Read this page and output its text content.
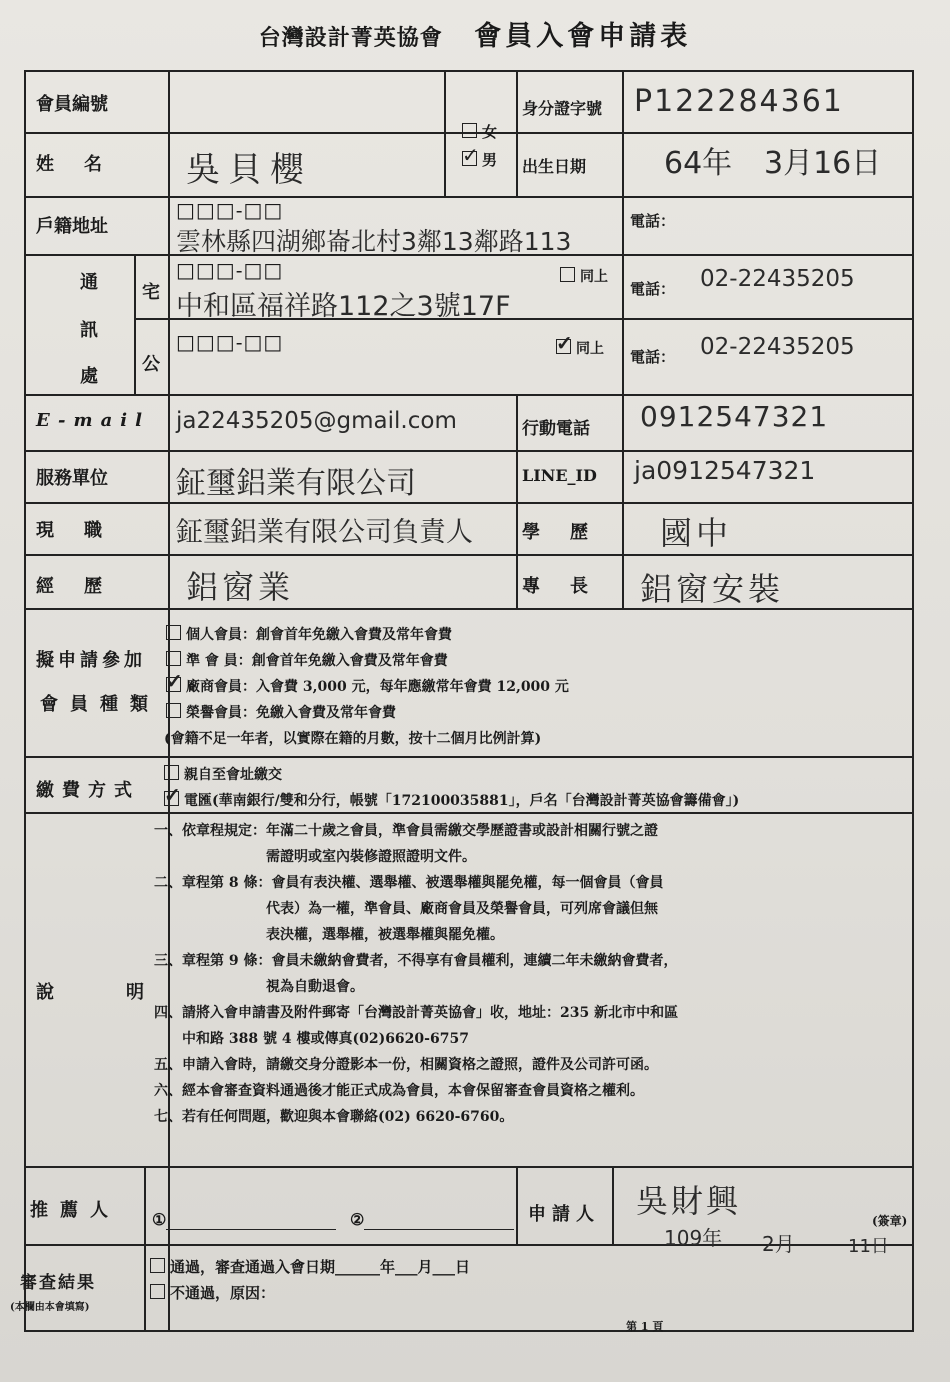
台灣設計菁英協會 會員入會申請表
會員編號
女
✓男
身分證字號 P122284361
姓名 吳貝櫻	出生日期	64年 3月16日
戶籍地址
□□□-□□
雲林縣四湖鄉崙北村3鄰13鄰路113
電話：
通
訊
處
宅
□□□-□□
中和區福祥路112之3號17F
同上
電話： 02-22435205
公
□□□-□□
✓	同上 電話： 02-22435205
E-mail ja22435205@gmail.com	行動電話 0912547321
服務單位 鉦璽鋁業有限公司	LINE_ID ja0912547321
現職 鉦璽鋁業有限公司負責人	學歷 國中
經歷 鋁窗業	專長 鋁窗安裝
擬申請參加
會員種類
個人會員：創會首年免繳入會費及常年會費
準 會 員：創會首年免繳入會費及常年會費
✓廠商會員：入會費 3,000 元，每年應繳常年會費 12,000 元
榮譽會員：免繳入會費及常年會費
(會籍不足一年者，以實際在籍的月數，按十二個月比例計算)
繳費方式
親自至會址繳交
✓電匯(華南銀行/雙和分行，帳號「172100035881」，戶名「台灣設計菁英協會籌備會」)
說	明
一、依章程規定：年滿二十歲之會員，準會員需繳交學歷證書或設計相關行號之證
　　　　　　　　需證明或室內裝修證照證明文件。
二、章程第 8 條：會員有表決權、選舉權、被選舉權與罷免權，每一個會員（會員
　　　　　　　　代表）為一權，準會員、廠商會員及榮譽會員，可列席會議但無
　　　　　　　　表決權，選舉權，被選舉權與罷免權。
三、章程第 9 條：會員未繳納會費者，不得享有會員權利，連續二年未繳納會費者，
　　　　　　　　視為自動退會。
四、請將入會申請書及附件郵寄「台灣設計菁英協會」收，地址：235 新北市中和區
　　中和路 388 號 4 樓或傳真(02)6620-6757
五、申請入會時，請繳交身分證影本一份，相關資格之證照，證件及公司許可函。
六、經本會審查資料通過後才能正式成為會員，本會保留審查會員資格之權利。
七、若有任何問題，歡迎與本會聯絡(02) 6620-6760。
推薦人 ①	②	申請人 吳財興
(簽章)
109年 2月	11日
審查結果
(本欄由本會填寫)
通過，審查通過入會日期______年___月___日
不通過，原因：
第 1 頁
